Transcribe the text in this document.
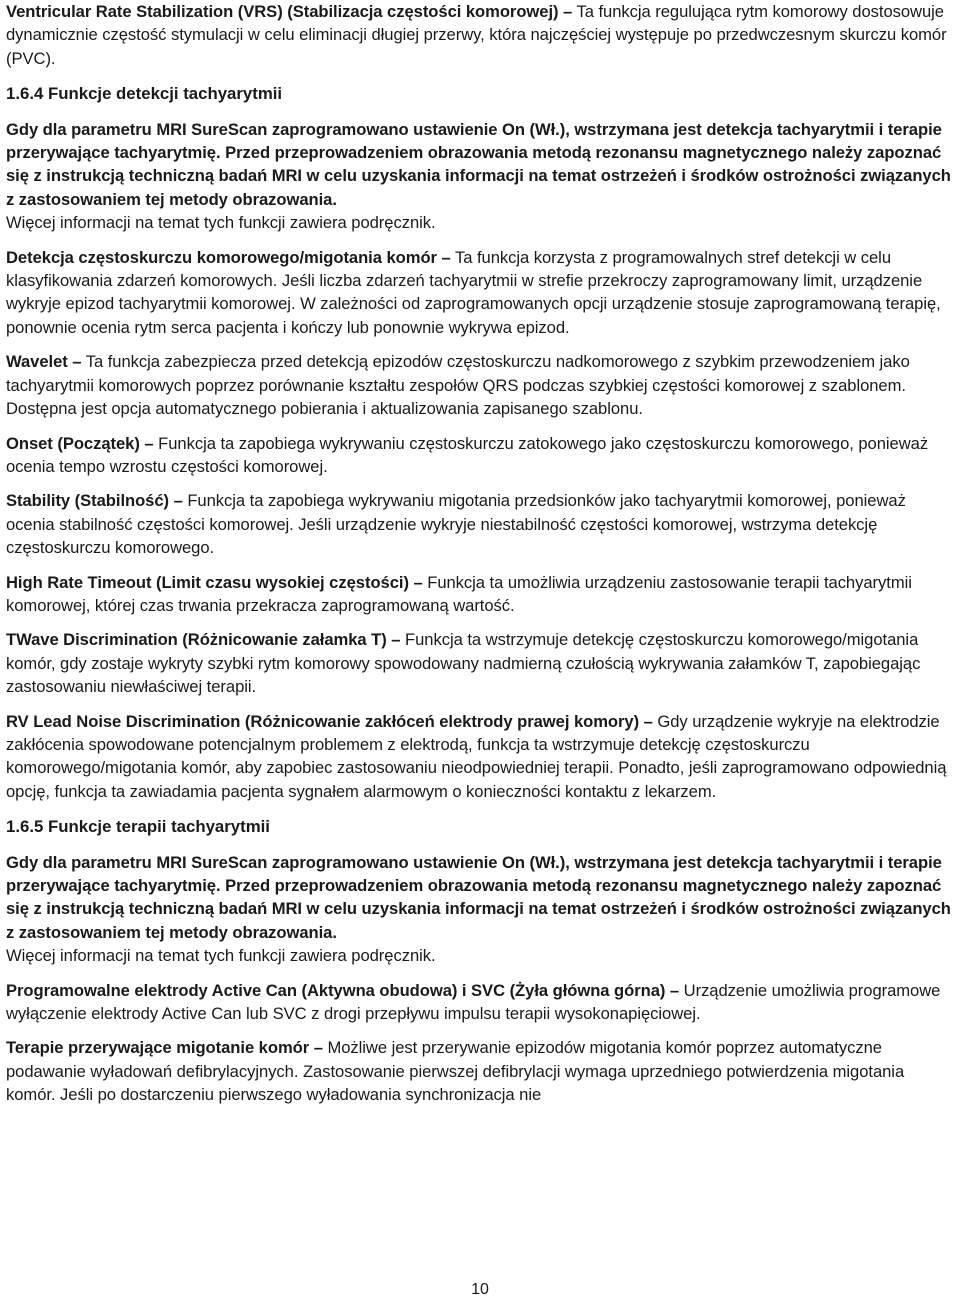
Ventricular Rate Stabilization (VRS) (Stabilizacja częstości komorowej) – Ta funkcja regulująca rytm komorowy dostosowuje dynamicznie częstość stymulacji w celu eliminacji długiej przerwy, która najczęściej występuje po przedwczesnym skurczu komór (PVC).

1.6.4 Funkcje detekcji tachyarytmii

Gdy dla parametru MRI SureScan zaprogramowano ustawienie On (Wł.), wstrzymana jest detekcja tachyarytmii i terapie przerywające tachyarytmię. Przed przeprowadzeniem obrazowania metodą rezonansu magnetycznego należy zapoznać się z instrukcją techniczną badań MRI w celu uzyskania informacji na temat ostrzeżeń i środków ostrożności związanych z zastosowaniem tej metody obrazowania.

Więcej informacji na temat tych funkcji zawiera podręcznik.

Detekcja częstoskurczu komorowego/migotania komór – Ta funkcja korzysta z programowalnych stref detekcji w celu klasyfikowania zdarzeń komorowych. Jeśli liczba zdarzeń tachyarytmii w strefie przekroczy zaprogramowany limit, urządzenie wykryje epizod tachyarytmii komorowej. W zależności od zaprogramowanych opcji urządzenie stosuje zaprogramowaną terapię, ponownie ocenia rytm serca pacjenta i kończy lub ponownie wykrywa epizod.

Wavelet – Ta funkcja zabezpiecza przed detekcją epizodów częstoskurczu nadkomorowego z szybkim przewodzeniem jako tachyarytmii komorowych poprzez porównanie kształtu zespołów QRS podczas szybkiej częstości komorowej z szablonem. Dostępna jest opcja automatycznego pobierania i aktualizowania zapisanego szablonu.

Onset (Początek) – Funkcja ta zapobiega wykrywaniu częstoskurczu zatokowego jako częstoskurczu komorowego, ponieważ ocenia tempo wzrostu częstości komorowej.

Stability (Stabilność) – Funkcja ta zapobiega wykrywaniu migotania przedsionków jako tachyarytmii komorowej, ponieważ ocenia stabilność częstości komorowej. Jeśli urządzenie wykryje niestabilność częstości komorowej, wstrzyma detekcję częstoskurczu komorowego.

High Rate Timeout (Limit czasu wysokiej częstości) – Funkcja ta umożliwia urządzeniu zastosowanie terapii tachyarytmii komorowej, której czas trwania przekracza zaprogramowaną wartość.

TWave Discrimination (Różnicowanie załamka T) – Funkcja ta wstrzymuje detekcję częstoskurczu komorowego/migotania komór, gdy zostaje wykryty szybki rytm komorowy spowodowany nadmierną czułością wykrywania załamków T, zapobiegając zastosowaniu niewłaściwej terapii.

RV Lead Noise Discrimination (Różnicowanie zakłóceń elektrody prawej komory) – Gdy urządzenie wykryje na elektrodzie zakłócenia spowodowane potencjalnym problemem z elektrodą, funkcja ta wstrzymuje detekcję częstoskurczu komorowego/migotania komór, aby zapobiec zastosowaniu nieodpowiedniej terapii. Ponadto, jeśli zaprogramowano odpowiednią opcję, funkcja ta zawiadamia pacjenta sygnałem alarmowym o konieczności kontaktu z lekarzem.

1.6.5 Funkcje terapii tachyarytmii

Gdy dla parametru MRI SureScan zaprogramowano ustawienie On (Wł.), wstrzymana jest detekcja tachyarytmii i terapie przerywające tachyarytmię. Przed przeprowadzeniem obrazowania metodą rezonansu magnetycznego należy zapoznać się z instrukcją techniczną badań MRI w celu uzyskania informacji na temat ostrzeżeń i środków ostrożności związanych z zastosowaniem tej metody obrazowania.

Więcej informacji na temat tych funkcji zawiera podręcznik.

Programowalne elektrody Active Can (Aktywna obudowa) i SVC (Żyła główna górna) – Urządzenie umożliwia programowe wyłączenie elektrody Active Can lub SVC z drogi przepływu impulsu terapii wysokonapięciowej.

Terapie przerywające migotanie komór – Możliwe jest przerywanie epizodów migotania komór poprzez automatyczne podawanie wyładowań defibrylacyjnych. Zastosowanie pierwszej defibrylacji wymaga uprzedniego potwierdzenia migotania komór. Jeśli po dostarczeniu pierwszego wyładowania synchronizacja nie

10
